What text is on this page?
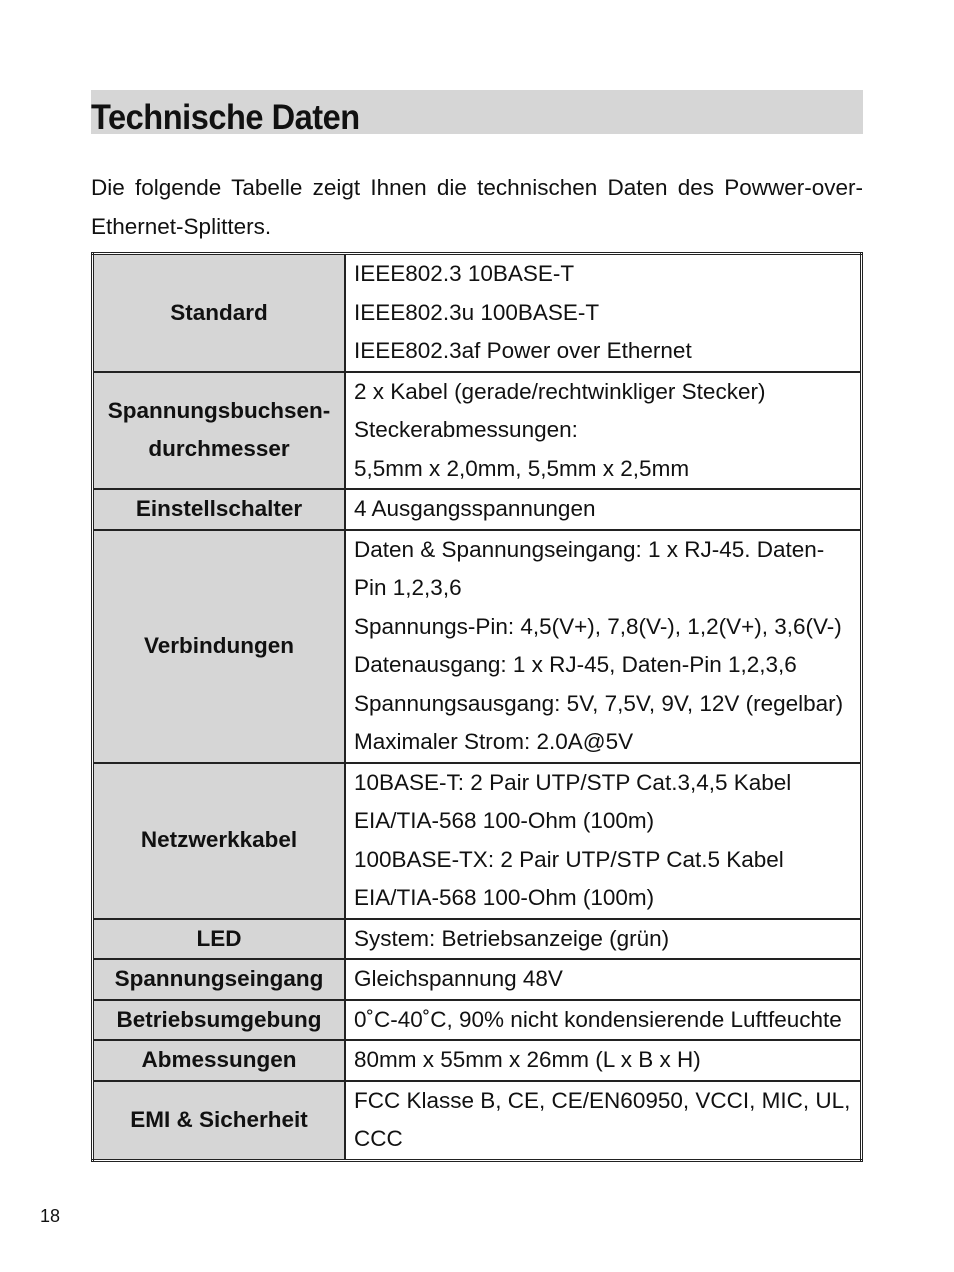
Technische Daten

Die folgende Tabelle zeigt Ihnen die technischen Daten des Powwer-over-Ethernet-Splitters.

Standard	IEEE802.3 10BASE-T
IEEE802.3u 100BASE-T
IEEE802.3af Power over Ethernet

Spannungsbuchsen-durchmesser	2 x Kabel (gerade/rechtwinkliger Stecker)
Steckerabmessungen:
5,5mm x 2,0mm, 5,5mm x 2,5mm

Einstellschalter	4 Ausgangsspannungen

Verbindungen	Daten & Spannungseingang: 1 x RJ-45. Daten-Pin 1,2,3,6
Spannungs-Pin: 4,5(V+), 7,8(V-), 1,2(V+), 3,6(V-)
Datenausgang: 1 x RJ-45, Daten-Pin 1,2,3,6
Spannungsausgang: 5V, 7,5V, 9V, 12V (regelbar)
Maximaler Strom: 2.0A@5V

Netzwerkkabel	10BASE-T: 2 Pair UTP/STP Cat.3,4,5 Kabel
EIA/TIA-568 100-Ohm (100m)
100BASE-TX: 2 Pair UTP/STP Cat.5 Kabel
EIA/TIA-568 100-Ohm (100m)

LED	System: Betriebsanzeige (grün)

Spannungseingang	Gleichspannung 48V

Betriebsumgebung	0˚C-40˚C, 90% nicht kondensierende Luftfeuchte

Abmessungen	80mm x 55mm x 26mm (L x B x H)

EMI & Sicherheit	FCC Klasse B, CE, CE/EN60950, VCCI, MIC, UL, CCC
18
